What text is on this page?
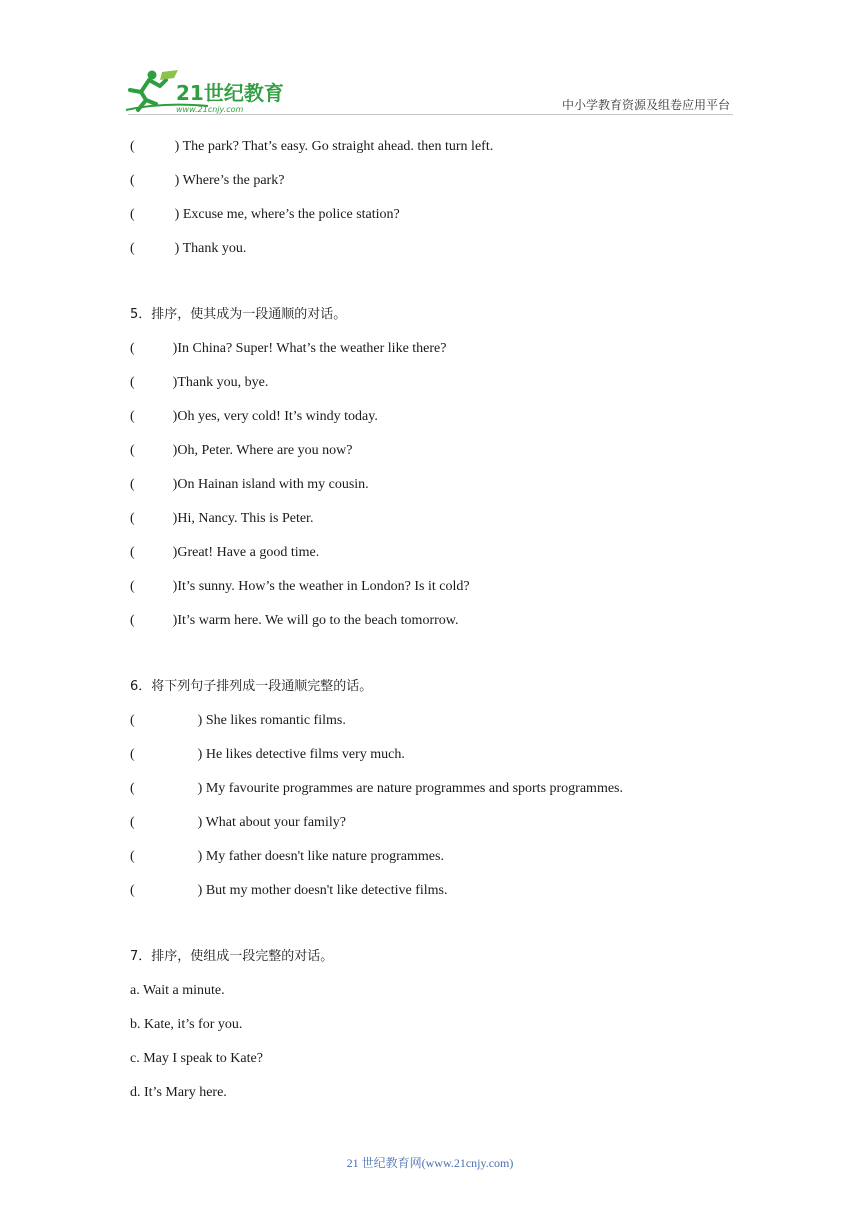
21世纪教育
www.21cnjy.com	中小学教育资源及组卷应用平台
(	) The park? That’s easy. Go straight ahead. then turn left.
(	) Where’s the park?
(	) Excuse me, where’s the police station?
(	) Thank you.
5．排序，使其成为一段通顺的对话。
(	)In China? Super! What’s the weather like there?
(	)Thank you, bye.
(	)Oh yes, very cold! It’s windy today.
(	)Oh, Peter. Where are you now?
(	)On Hainan island with my cousin.
(	)Hi, Nancy. This is Peter.
(	)Great! Have a good time.
(	)It’s sunny. How’s the weather in London? Is it cold?
(	)It’s warm here. We will go to the beach tomorrow.
6．将下列句子排列成一段通顺完整的话。
(	) She likes romantic films.
(	) He likes detective films very much.
(	) My favourite programmes are nature programmes and sports programmes.
(	) What about your family?
(	) My father doesn't like nature programmes.
(	) But my mother doesn't like detective films.
7．排序，使组成一段完整的对话。
a. Wait a minute.
b. Kate, it’s for you.
c. May I speak to Kate?
d. It’s Mary here.
21 世纪教育网(www.21cnjy.com)
